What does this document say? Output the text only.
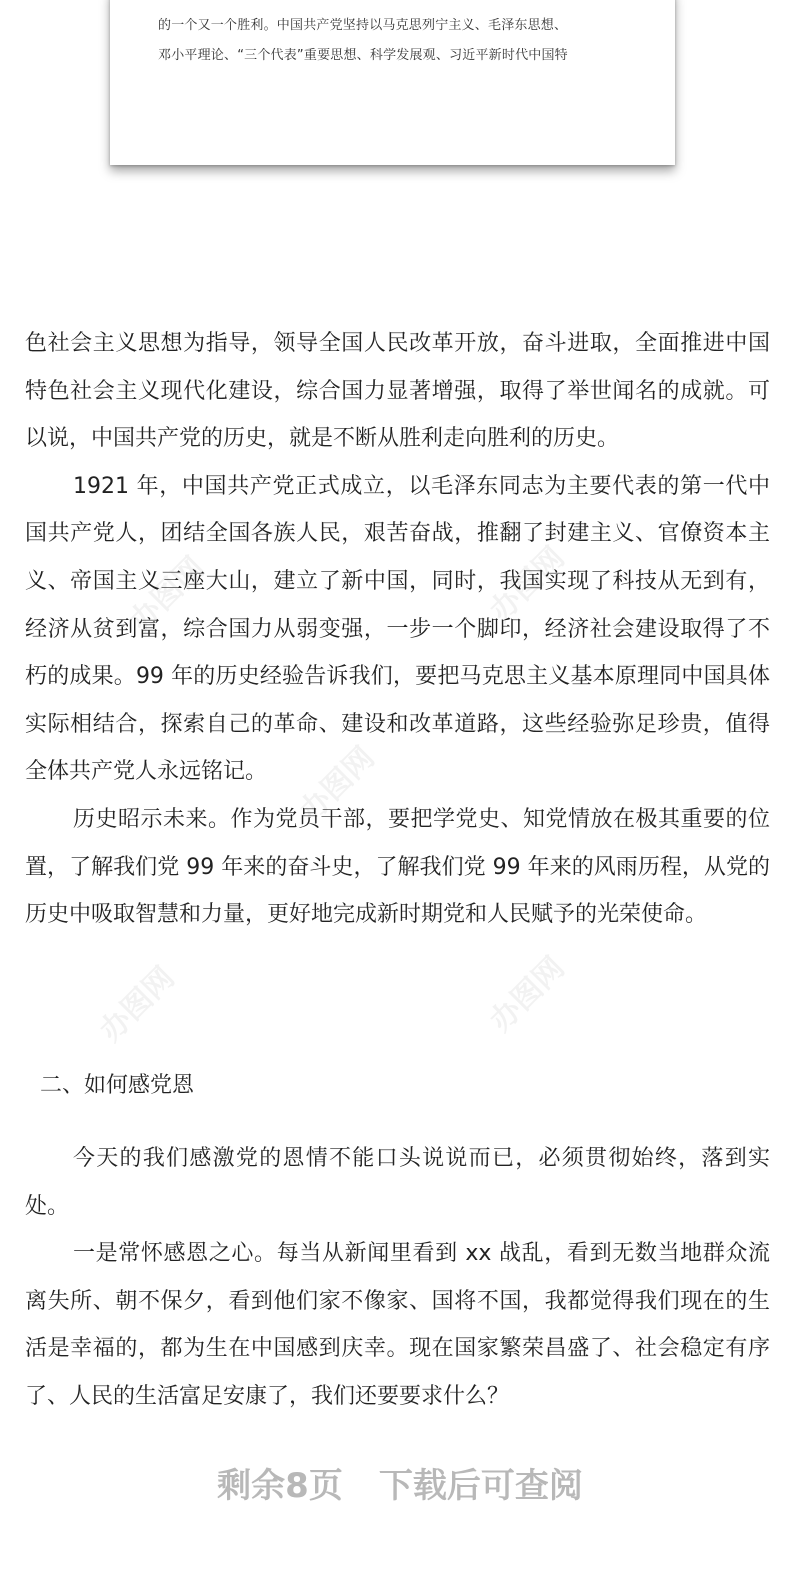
的一个又一个胜利。中国共产党坚持以马克思列宁主义、毛泽东思想、
邓小平理论、“三个代表”重要思想、科学发展观、习近平新时代中国特
办图网	办图网
办图网
办图网
办图网

色社会主义思想为指导，领导全国人民改革开放，奋斗进取，全面推进中国特色社会主义现代化建设，综合国力显著增强，取得了举世闻名的成就。可以说，中国共产党的历史，就是不断从胜利走向胜利的历史。

1921 年，中国共产党正式成立，以毛泽东同志为主要代表的第一代中国共产党人，团结全国各族人民，艰苦奋战，推翻了封建主义、官僚资本主义、帝国主义三座大山，建立了新中国，同时，我国实现了科技从无到有，经济从贫到富，综合国力从弱变强，一步一个脚印，经济社会建设取得了不朽的成果。99 年的历史经验告诉我们，要把马克思主义基本原理同中国具体实际相结合，探索自己的革命、建设和改革道路，这些经验弥足珍贵，值得全体共产党人永远铭记。

历史昭示未来。作为党员干部，要把学党史、知党情放在极其重要的位置，了解我们党 99 年来的奋斗史，了解我们党 99 年来的风雨历程，从党的历史中吸取智慧和力量，更好地完成新时期党和人民赋予的光荣使命。

二、如何感党恩

今天的我们感激党的恩情不能口头说说而已，必须贯彻始终，落到实处。

一是常怀感恩之心。每当从新闻里看到 xx 战乱，看到无数当地群众流离失所、朝不保夕，看到他们家不像家、国将不国，我都觉得我们现在的生活是幸福的，都为生在中国感到庆幸。现在国家繁荣昌盛了、社会稳定有序了、人民的生活富足安康了，我们还要要求什么？

剩余8页 下载后可查阅
